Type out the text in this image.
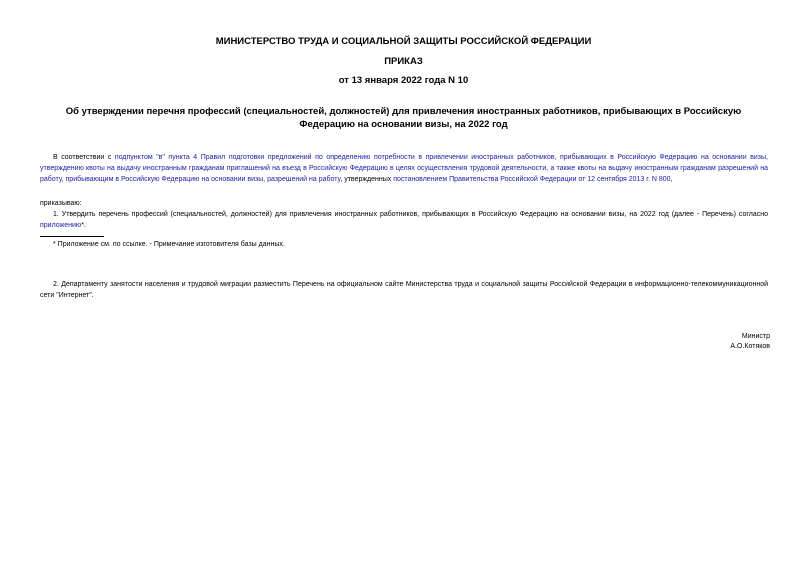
МИНИСТЕРСТВО ТРУДА И СОЦИАЛЬНОЙ ЗАЩИТЫ РОССИЙСКОЙ ФЕДЕРАЦИИ
ПРИКАЗ
от 13 января 2022 года N 10
Об утверждении перечня профессий (специальностей, должностей) для привлечения иностранных работников, прибывающих в Российскую Федерацию на основании визы, на 2022 год
В соответствии с подпунктом "в" пункта 4 Правил подготовки предложений по определению потребности в привлечении иностранных работников, прибывающих в Российскую Федерацию на основании визы, утверждению квоты на выдачу иностранным гражданам приглашений на въезд в Российскую Федерацию в целях осуществления трудовой деятельности, а также квоты на выдачу иностранным гражданам разрешений на работу, прибывающим в Российскую Федерацию на основании визы, разрешений на работу, утвержденных постановлением Правительства Российской Федерации от 12 сентября 2013 г. N 800,
приказываю:
1. Утвердить перечень профессий (специальностей, должностей) для привлечения иностранных работников, прибывающих в Российскую Федерацию на основании визы, на 2022 год (далее - Перечень) согласно приложению*.
* Приложение см. по ссылке. - Примечание изготовителя базы данных.
2. Департаменту занятости населения и трудовой миграции разместить Перечень на официальном сайте Министерства труда и социальной защиты Российской Федерации в информационно-телекоммуникационной сети "Интернет".
Министр
А.О.Котяков
